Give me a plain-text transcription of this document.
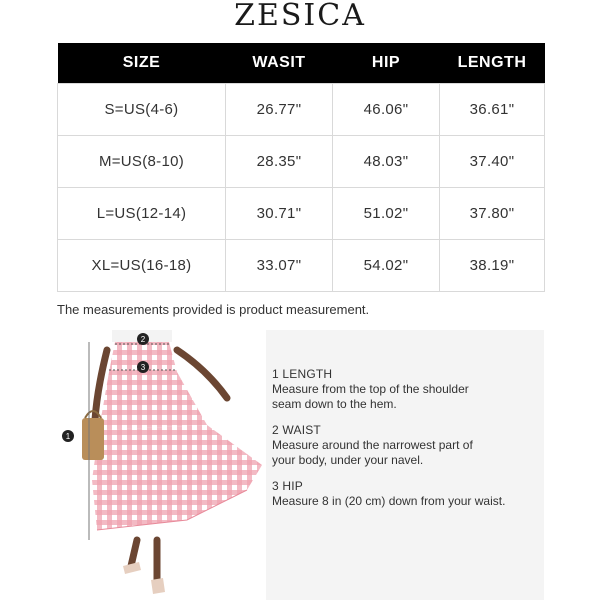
ZESICA
SIZE	WASIT	HIP	LENGTH
S=US(4-6)	26.77"	46.06"	36.61"
M=US(8-10)	28.35"	48.03"	37.40"
L=US(12-14)	30.71"	51.02"	37.80"
XL=US(16-18)	33.07"	54.02"	38.19"
The measurements provided is product measurement.
1
2
3	1 LENGTH
Measure from the top of the shoulder
seam down to the hem.
2 WAIST
Measure around the narrowest part of
your body, under your navel.
3 HIP
Measure 8 in (20 cm) down from your waist.
